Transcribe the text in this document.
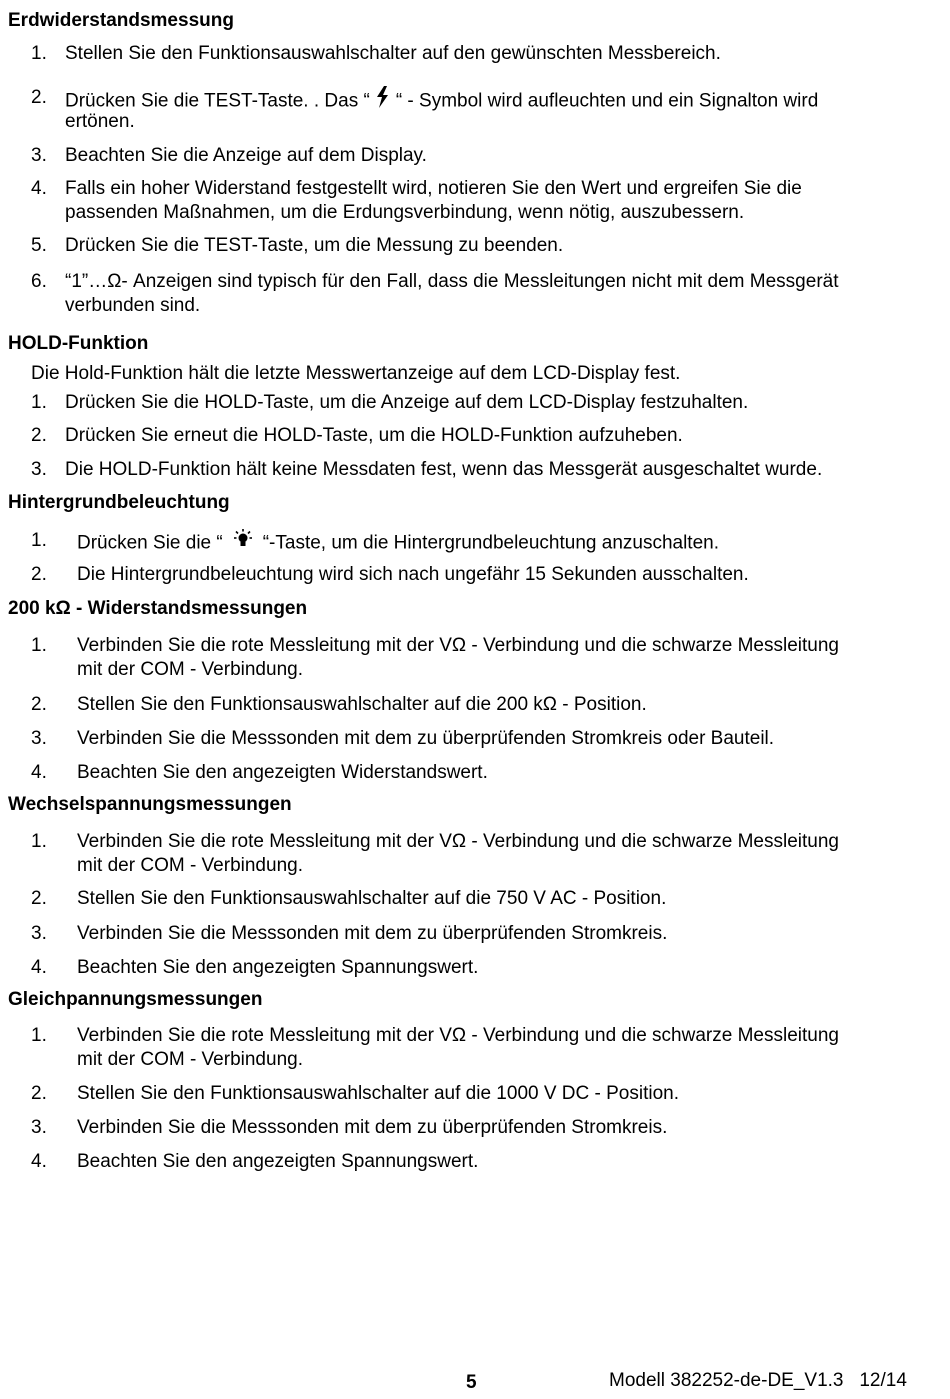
Erdwiderstandsmessung
1. Stellen Sie den Funktionsauswahlschalter auf den gewünschten Messbereich.
2. Drücken Sie die TEST-Taste. . Das “ “ - Symbol wird aufleuchten und ein Signalton wird
ertönen.
3. Beachten Sie die Anzeige auf dem Display.
4. Falls ein hoher Widerstand festgestellt wird, notieren Sie den Wert und ergreifen Sie die
passenden Maßnahmen, um die Erdungsverbindung, wenn nötig, auszubessern.
5. Drücken Sie die TEST-Taste, um die Messung zu beenden.
6. “1”…Ω- Anzeigen sind typisch für den Fall, dass die Messleitungen nicht mit dem Messgerät
verbunden sind.
HOLD-Funktion
Die Hold-Funktion hält die letzte Messwertanzeige auf dem LCD-Display fest.
1. Drücken Sie die HOLD-Taste, um die Anzeige auf dem LCD-Display festzuhalten.
2. Drücken Sie erneut die HOLD-Taste, um die HOLD-Funktion aufzuheben.
3. Die HOLD-Funktion hält keine Messdaten fest, wenn das Messgerät ausgeschaltet wurde.
Hintergrundbeleuchtung
1. Drücken Sie die “ “-Taste, um die Hintergrundbeleuchtung anzuschalten.
2. Die Hintergrundbeleuchtung wird sich nach ungefähr 15 Sekunden ausschalten.
200 kΩ - Widerstandsmessungen
1. Verbinden Sie die rote Messleitung mit der VΩ - Verbindung und die schwarze Messleitung
mit der COM - Verbindung.
2. Stellen Sie den Funktionsauswahlschalter auf die 200 kΩ - Position.
3. Verbinden Sie die Messsonden mit dem zu überprüfenden Stromkreis oder Bauteil.
4. Beachten Sie den angezeigten Widerstandswert.
Wechselspannungsmessungen
1. Verbinden Sie die rote Messleitung mit der VΩ - Verbindung und die schwarze Messleitung
mit der COM - Verbindung.
2. Stellen Sie den Funktionsauswahlschalter auf die 750 V AC - Position.
3. Verbinden Sie die Messsonden mit dem zu überprüfenden Stromkreis.
4. Beachten Sie den angezeigten Spannungswert.
Gleichpannungsmessungen
1. Verbinden Sie die rote Messleitung mit der VΩ - Verbindung und die schwarze Messleitung
mit der COM - Verbindung.
2. Stellen Sie den Funktionsauswahlschalter auf die 1000 V DC - Position.
3. Verbinden Sie die Messsonden mit dem zu überprüfenden Stromkreis.
4. Beachten Sie den angezeigten Spannungswert.
5	Modell 382252-de-DE_V1.3 12/14
